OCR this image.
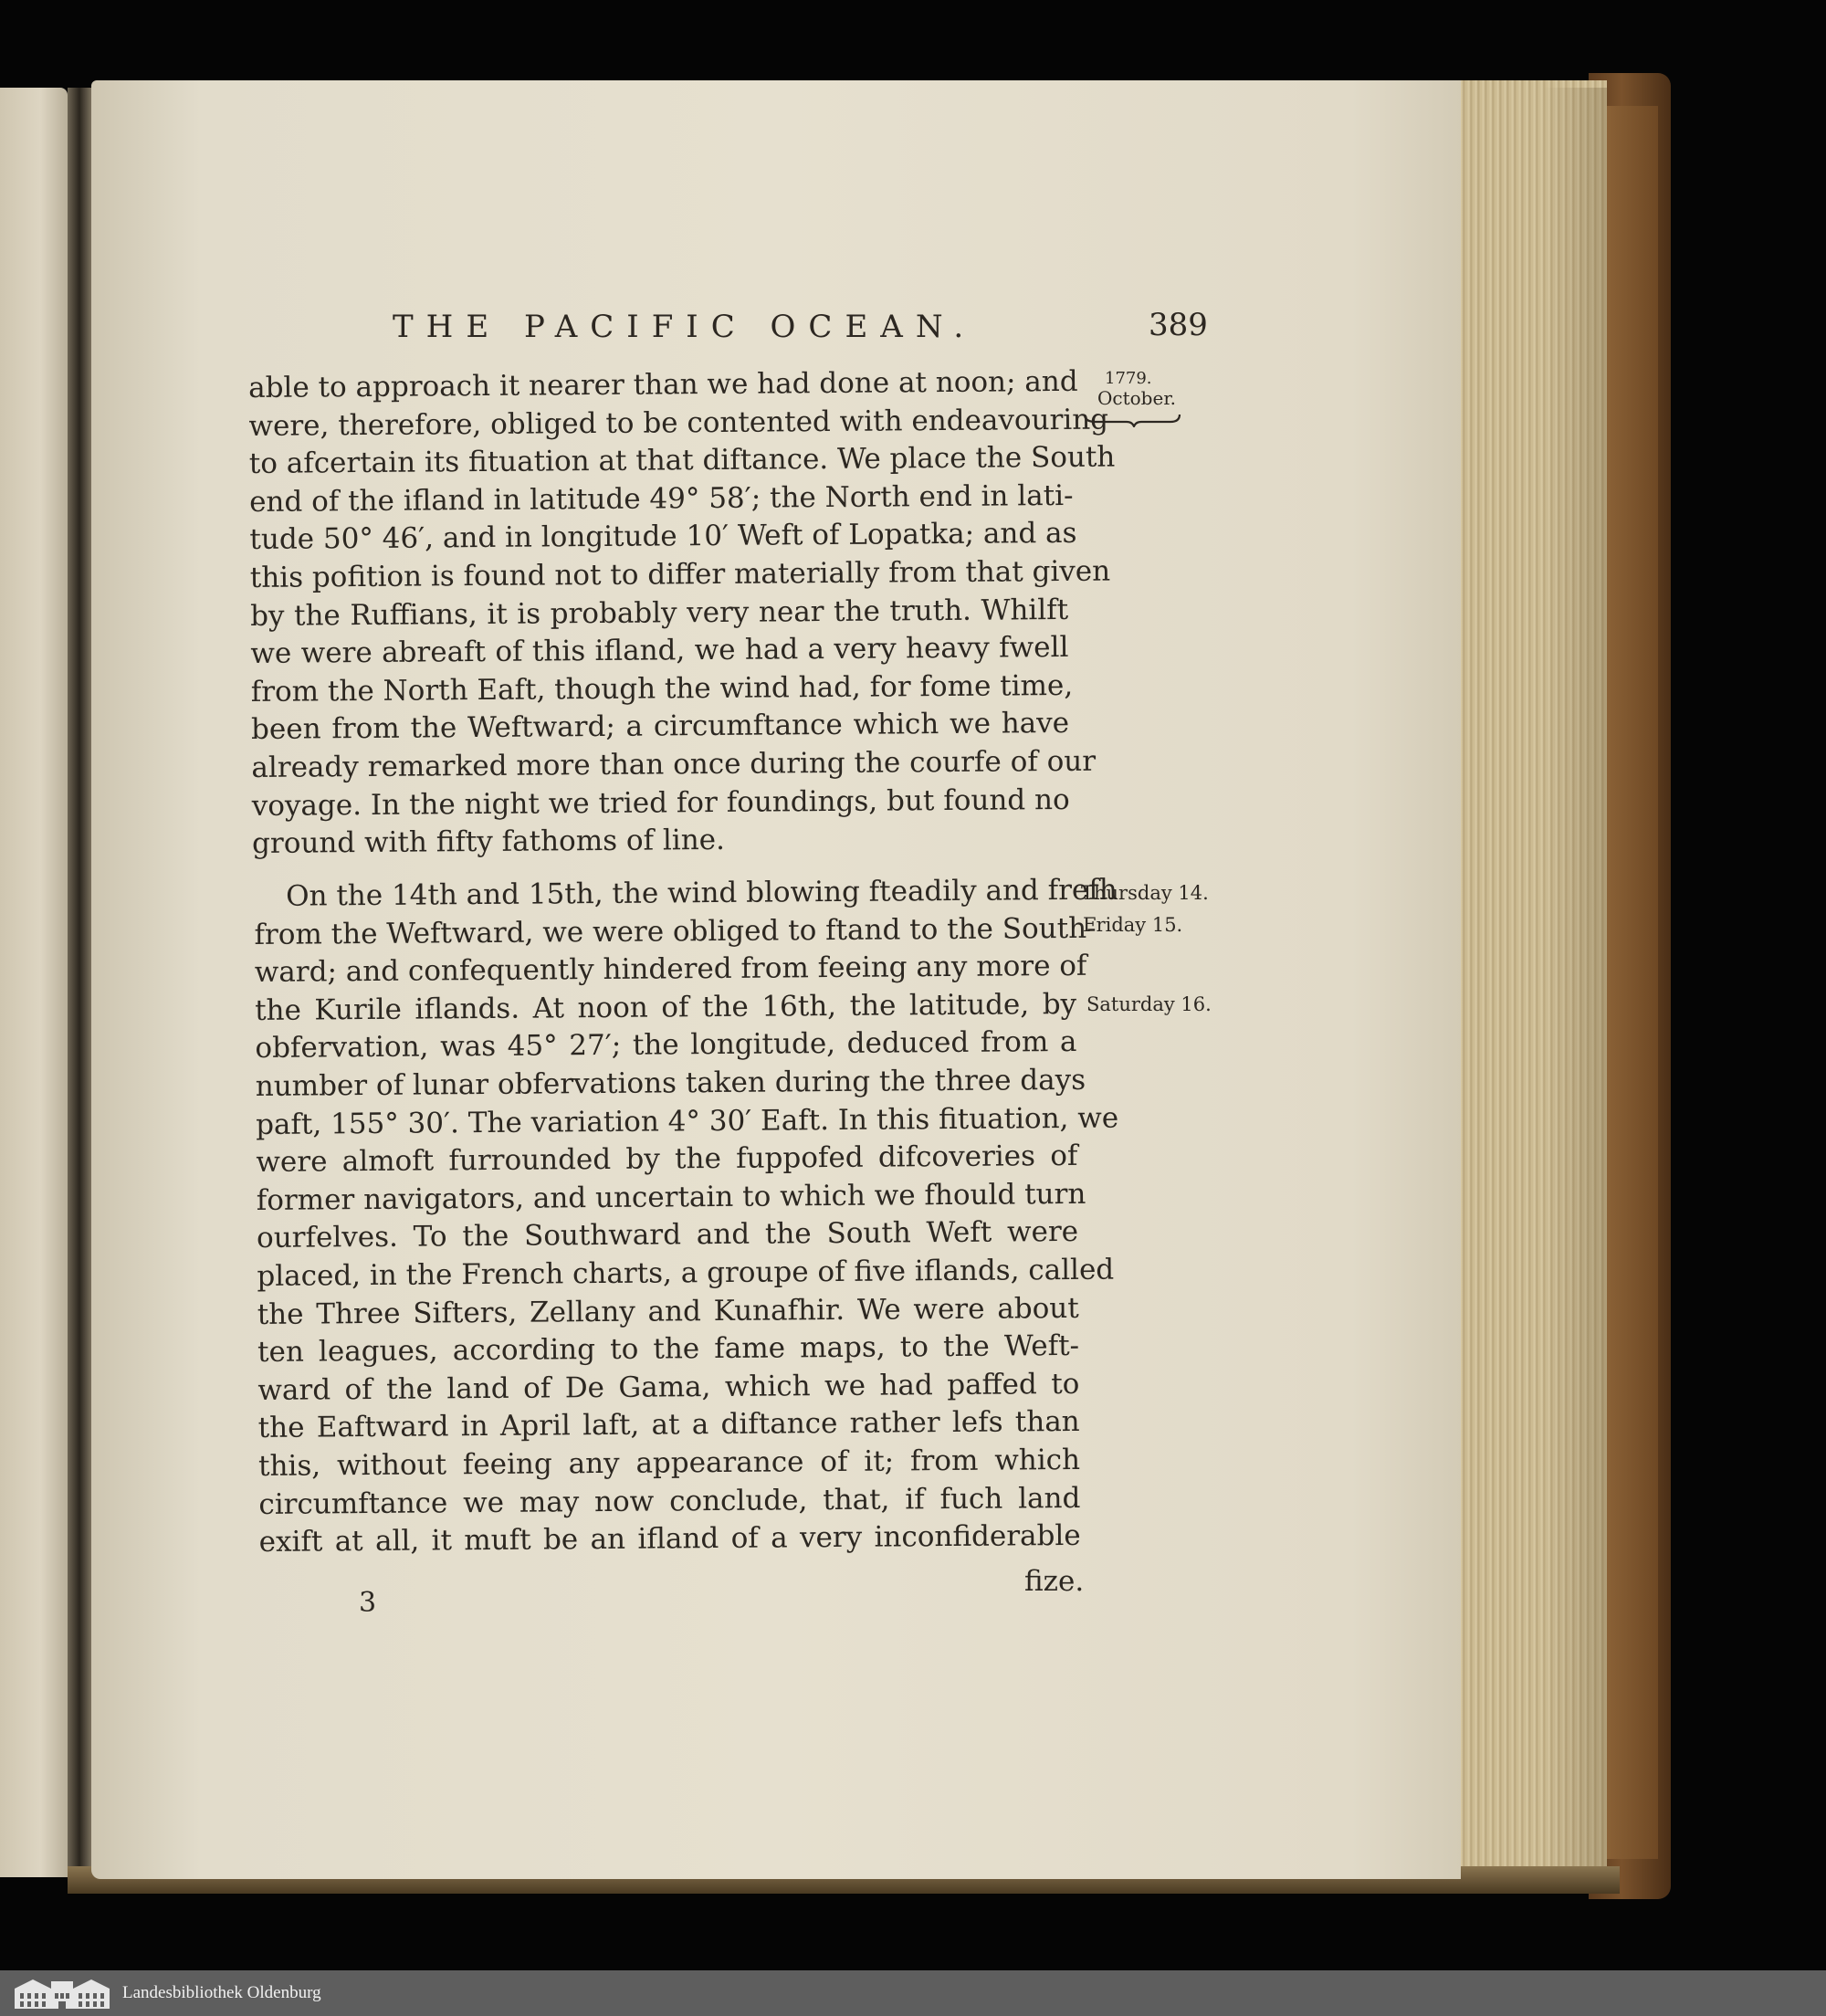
THE PACIFIC OCEAN.	389
1779.
October.
able to approach it nearer than we had done at noon; and
were, therefore, obliged to be contented with endeavouring
to afcertain its fituation at that diftance. We place the South
end of the ifland in latitude 49° 58′; the North end in lati-
tude 50° 46′, and in longitude 10′ Weft of Lopatka; and as
this pofition is found not to differ materially from that given
by the Ruffians, it is probably very near the truth. Whilft
we were abreaft of this ifland, we had a very heavy fwell
from the North Eaft, though the wind had, for fome time,
been from the Weftward; a circumftance which we have
already remarked more than once during the courfe of our
voyage. In the night we tried for foundings, but found no
ground with fifty fathoms of line.
Thursday 14.
Friday 15.
Saturday 16.
On the 14th and 15th, the wind blowing fteadily and frefh
from the Weftward, we were obliged to ftand to the South-
ward; and confequently hindered from feeing any more of
the Kurile iflands. At noon of the 16th, the latitude, by
obfervation, was 45° 27′; the longitude, deduced from a
number of lunar obfervations taken during the three days
paft, 155° 30′. The variation 4° 30′ Eaft. In this fituation, we
were almoft furrounded by the fuppofed difcoveries of
former navigators, and uncertain to which we fhould turn
ourfelves. To the Southward and the South Weft were
placed, in the French charts, a groupe of five iflands, called
the Three Sifters, Zellany and Kunafhir. We were about
ten leagues, according to the fame maps, to the Weft-
ward of the land of De Gama, which we had paffed to
the Eaftward in April laft, at a diftance rather lefs than
this, without feeing any appearance of it; from which
circumftance we may now conclude, that, if fuch land
exift at all, it muft be an ifland of a very inconfiderable
3
fize.
Landesbibliothek Oldenburg
